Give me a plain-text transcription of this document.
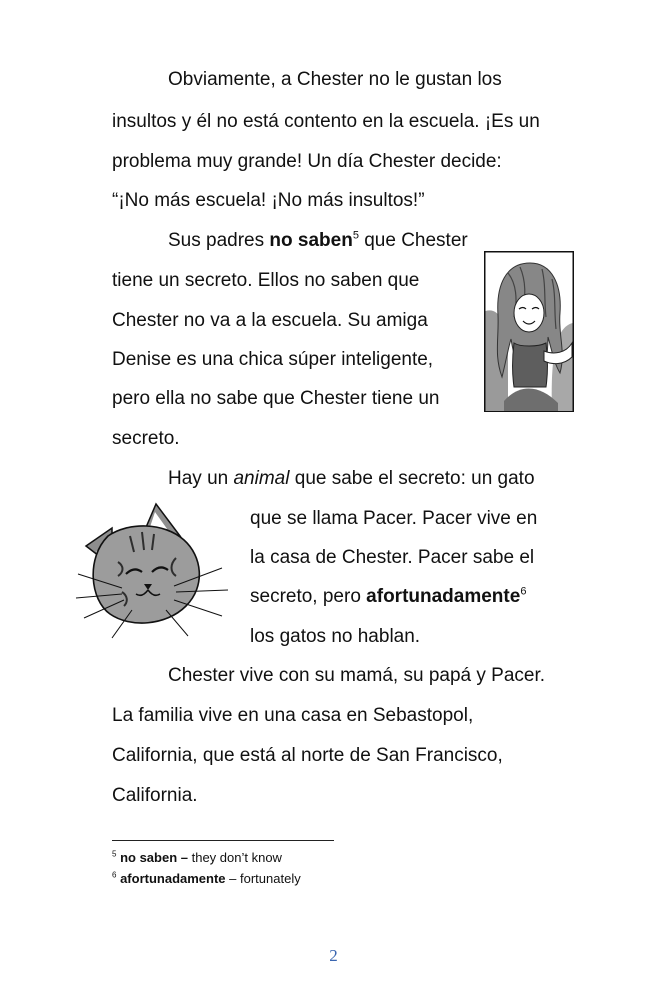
Obviamente, a Chester no le gustan los
insultos y él no está contento en la escuela. ¡Es un
problema muy grande! Un día Chester decide:
“¡No más escuela! ¡No más insultos!”
Sus padres no saben$^5$ que Chester
tiene un secreto. Ellos no saben que
Chester no va a la escuela. Su amiga
Denise es una chica súper inteligente,
pero ella no sabe que Chester tiene un
secreto.
Hay un animal que sabe el secreto: un gato
que se llama Pacer. Pacer vive en
la casa de Chester. Pacer sabe el
secreto, pero afortunadamente$^6$
los gatos no hablan.
Chester vive con su mamá, su papá y Pacer.
La familia vive en una casa en Sebastopol,
California, que está al norte de San Francisco,
California.
$^5$ no saben – they don’t know
$^6$ afortunadamente – fortunately
2
